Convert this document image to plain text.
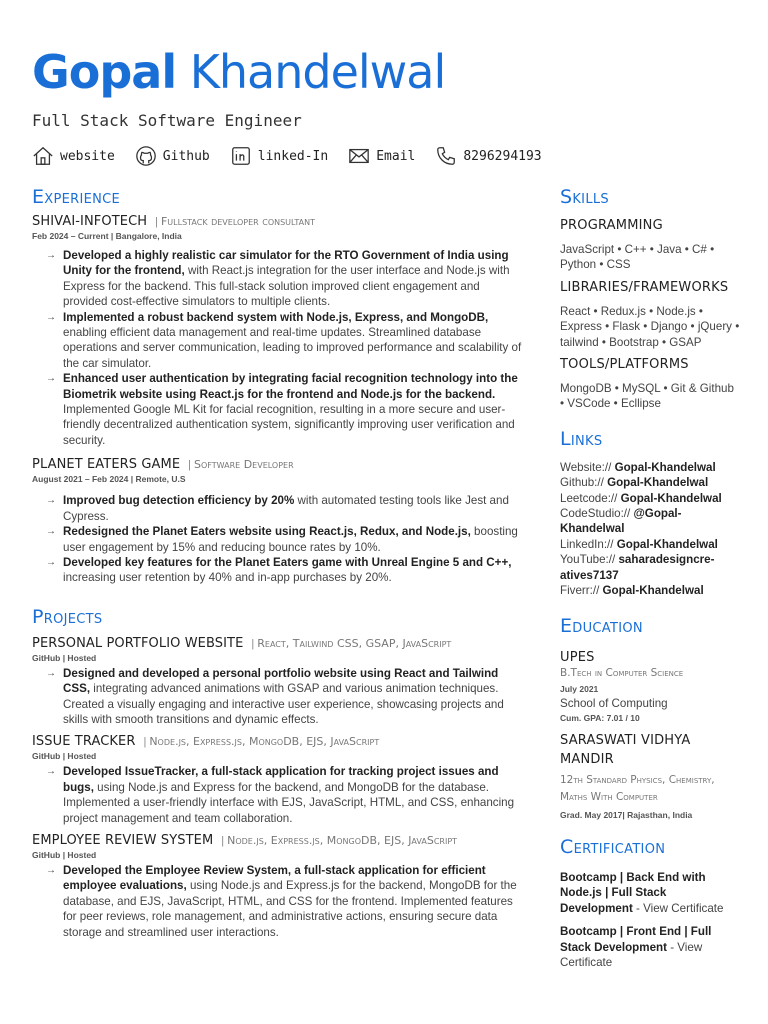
Gopal Khandelwal
Full Stack Software Engineer
website	Github	linked-In	Email	8296294193
Experience
SHIVAI-INFOTECH | Fullstack developer consultant
Feb 2024 – Current | Bangalore, India
→ Developed a highly realistic car simulator for the RTO Government of India using Unity for the frontend, with React.js integration for the user interface and Node.js with Express for the backend. This full-stack solution improved client engagement and provided cost-effective simulators to multiple clients.
→ Implemented a robust backend system with Node.js, Express, and MongoDB, enabling efficient data management and real-time updates. Streamlined database operations and server communication, leading to improved performance and scalability of the car simulator.
→ Enhanced user authentication by integrating facial recognition technology into the Biometrik website using React.js for the frontend and Node.js for the backend. Implemented Google ML Kit for facial recognition, resulting in a more secure and user-friendly decentralized authentication system, significantly improving user verification and security.
PLANET EATERS GAME | Software Developer
August 2021 – Feb 2024 | Remote, U.S
→ Improved bug detection efficiency by 20% with automated testing tools like Jest and Cypress.
→ Redesigned the Planet Eaters website using React.js, Redux, and Node.js, boosting user engagement by 15% and reducing bounce rates by 10%.
→ Developed key features for the Planet Eaters game with Unreal Engine 5 and C++, increasing user retention by 40% and in-app purchases by 20%.
Projects
PERSONAL PORTFOLIO WEBSITE | React, Tailwind CSS, GSAP, JavaScript
GitHub | Hosted
→ Designed and developed a personal portfolio website using React and Tailwind CSS, integrating advanced animations with GSAP and various animation techniques. Created a visually engaging and interactive user experience, showcasing projects and skills with smooth transitions and dynamic effects.
ISSUE TRACKER | Node.js, Express.js, MongoDB, EJS, JavaScript
GitHub | Hosted
→ Developed IssueTracker, a full-stack application for tracking project issues and bugs, using Node.js and Express for the backend, and MongoDB for the database. Implemented a user-friendly interface with EJS, JavaScript, HTML, and CSS, enhancing project management and team collaboration.
EMPLOYEE REVIEW SYSTEM | Node.js, Express.js, MongoDB, EJS, JavaScript
GitHub | Hosted
→ Developed the Employee Review System, a full-stack application for efficient employee evaluations, using Node.js and Express.js for the backend, MongoDB for the database, and EJS, JavaScript, HTML, and CSS for the frontend. Implemented features for peer reviews, role management, and administrative actions, ensuring secure data storage and streamlined user interactions.
Skills
PROGRAMMING
JavaScript • C++ • Java • C# • Python • CSS
LIBRARIES/FRAMEWORKS
React • Redux.js • Node.js • Express • Flask • Django • jQuery • tailwind • Bootstrap • GSAP
TOOLS/PLATFORMS
MongoDB • MySQL • Git & Github • VSCode • Ecllipse
Links
Website:// Gopal-Khandelwal
Github:// Gopal-Khandelwal
Leetcode:// Gopal-Khandelwal
CodeStudio:// @Gopal-Khandelwal
LinkedIn:// Gopal-Khandelwal
YouTube:// saharadesigncre-atives7137
Fiverr:// Gopal-Khandelwal
Education
UPES
B.Tech in Computer Science
July 2021
School of Computing
Cum. GPA: 7.01 / 10
SARASWATI VIDHYA MANDIR
12th Standard Physics, Chemistry, Maths With Computer
Grad. May 2017| Rajasthan, India
Certification
Bootcamp | Back End with Node.js | Full Stack Development - View Certificate
Bootcamp | Front End | Full Stack Development - View Certificate
